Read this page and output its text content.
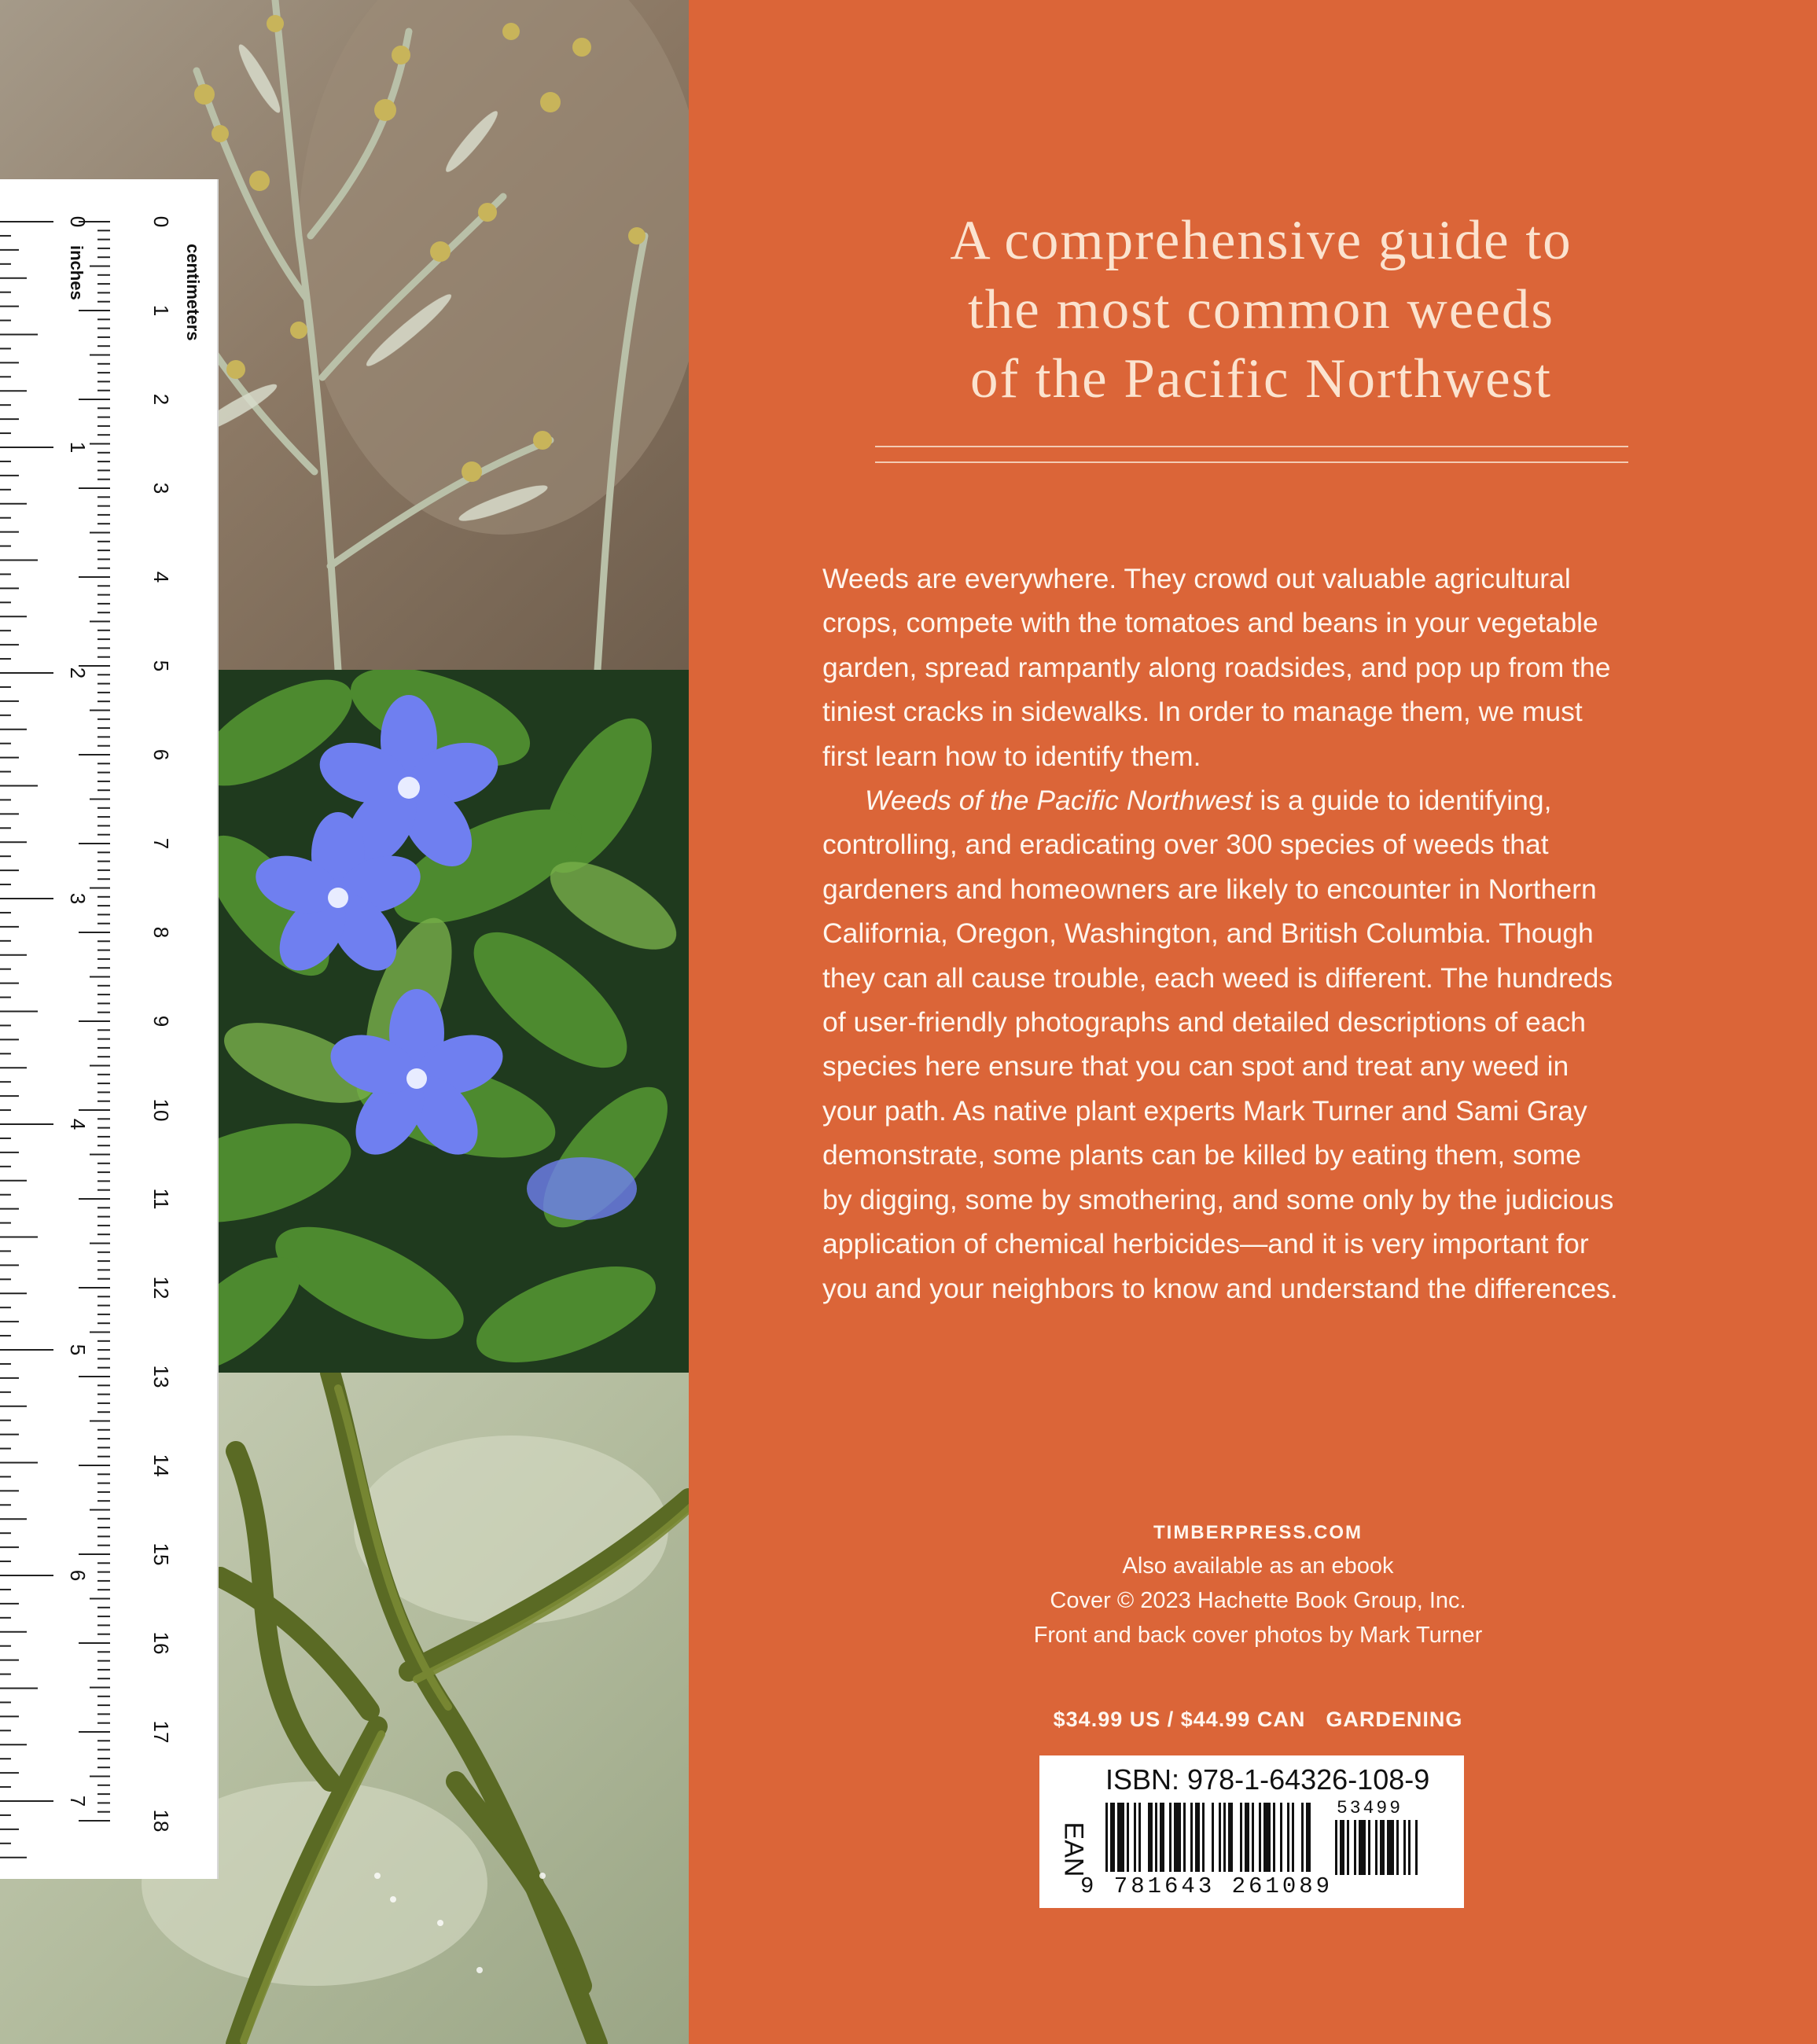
0
1
2
3
4
5
6
7
8
9
10
11
12
13
14
15
16
17
18
0
1
2
3
4
5
6
7
centimeters
inches
A comprehensive guide to
the most common weeds
of the Pacific Northwest
Weeds are everywhere. They crowd out valuable agricultural
crops, compete with the tomatoes and beans in your vegetable
garden, spread rampantly along roadsides, and pop up from the
tiniest cracks in sidewalks. In order to manage them, we must
first learn how to identify them.
Weeds of the Pacific Northwest is a guide to identifying,
controlling, and eradicating over 300 species of weeds that
gardeners and homeowners are likely to encounter in Northern
California, Oregon, Washington, and British Columbia. Though
they can all cause trouble, each weed is different. The hundreds
of user-friendly photographs and detailed descriptions of each
species here ensure that you can spot and treat any weed in
your path. As native plant experts Mark Turner and Sami Gray
demonstrate, some plants can be killed by eating them, some
by digging, some by smothering, and some only by the judicious
application of chemical herbicides—and it is very important for
you and your neighbors to know and understand the differences.
TIMBERPRESS.COM
Also available as an ebook
Cover © 2023 Hachette Book Group, Inc.
Front and back cover photos by Mark Turner
$34.99 US / $44.99 CAN GARDENING
ISBN: 978-1-64326-108-9
EAN
53499
9 781643 261089
